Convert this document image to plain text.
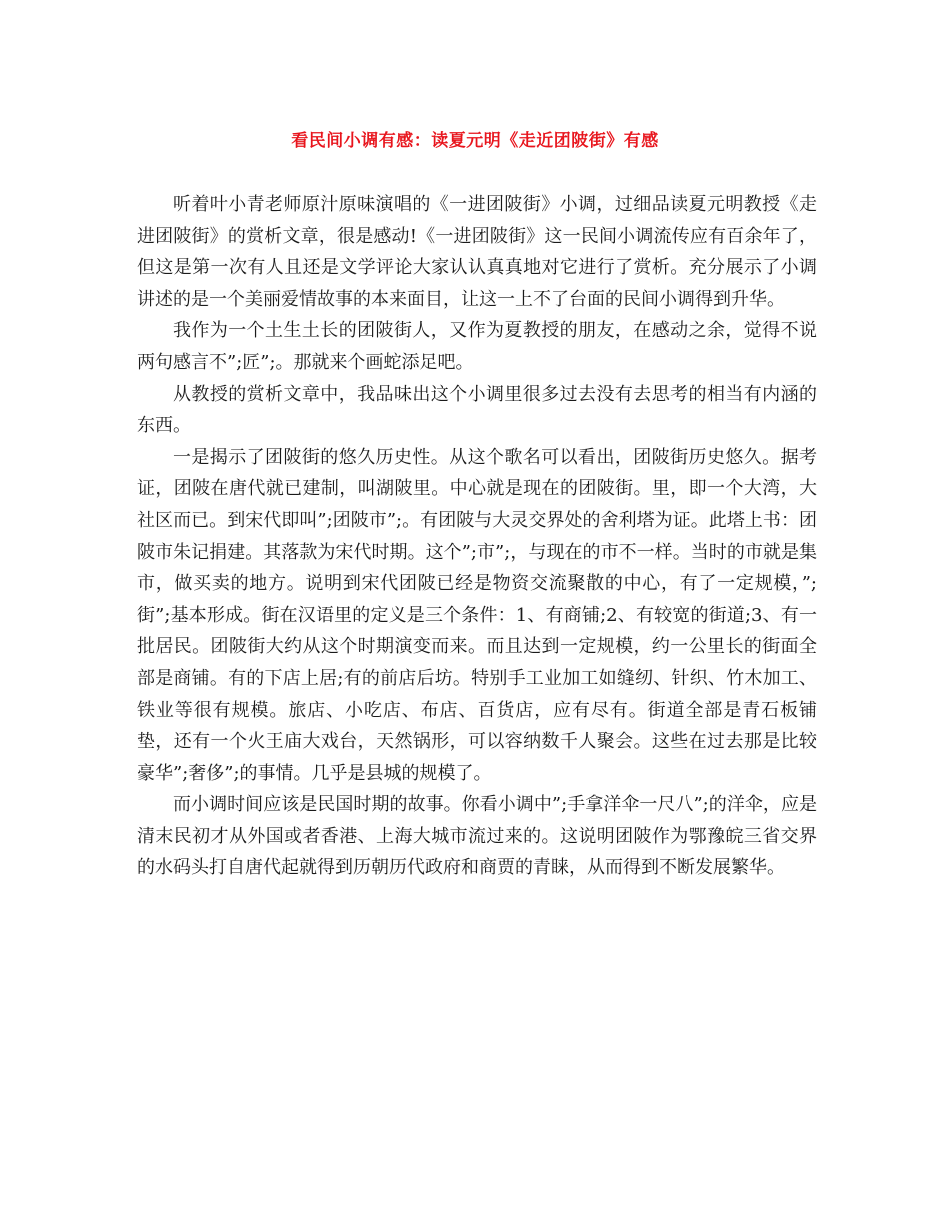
看民间小调有感：读夏元明《走近团陂街》有感

听着叶小青老师原汁原味演唱的《一进团陂街》小调，过细品读夏元明教授《走进团陂街》的赏析文章，很是感动!《一进团陂街》这一民间小调流传应有百余年了，但这是第一次有人且还是文学评论大家认认真真地对它进行了赏析。充分展示了小调讲述的是一个美丽爱情故事的本来面目，让这一上不了台面的民间小调得到升华。

我作为一个土生土长的团陂街人，又作为夏教授的朋友，在感动之余，觉得不说两句感言不”;匠”;。那就来个画蛇添足吧。

从教授的赏析文章中，我品味出这个小调里很多过去没有去思考的相当有内涵的东西。

一是揭示了团陂街的悠久历史性。从这个歌名可以看出，团陂街历史悠久。据考证，团陂在唐代就已建制，叫湖陂里。中心就是现在的团陂街。里，即一个大湾，大社区而已。到宋代即叫”;团陂市”;。有团陂与大灵交界处的舍利塔为证。此塔上书：团陂市朱记捐建。其落款为宋代时期。这个”;市”;，与现在的市不一样。当时的市就是集市，做买卖的地方。说明到宋代团陂已经是物资交流聚散的中心，有了一定规模，”;街”;基本形成。街在汉语里的定义是三个条件：1、有商铺;2、有较宽的街道;3、有一批居民。团陂街大约从这个时期演变而来。而且达到一定规模，约一公里长的街面全部是商铺。有的下店上居;有的前店后坊。特别手工业加工如缝纫、针织、竹木加工、铁业等很有规模。旅店、小吃店、布店、百货店，应有尽有。街道全部是青石板铺垫，还有一个火王庙大戏台，天然锅形，可以容纳数千人聚会。这些在过去那是比较豪华”;奢侈”;的事情。几乎是县城的规模了。

而小调时间应该是民国时期的故事。你看小调中”;手拿洋伞一尺八”;的洋伞，应是清末民初才从外国或者香港、上海大城市流过来的。这说明团陂作为鄂豫皖三省交界的水码头打自唐代起就得到历朝历代政府和商贾的青睐，从而得到不断发展繁华。
